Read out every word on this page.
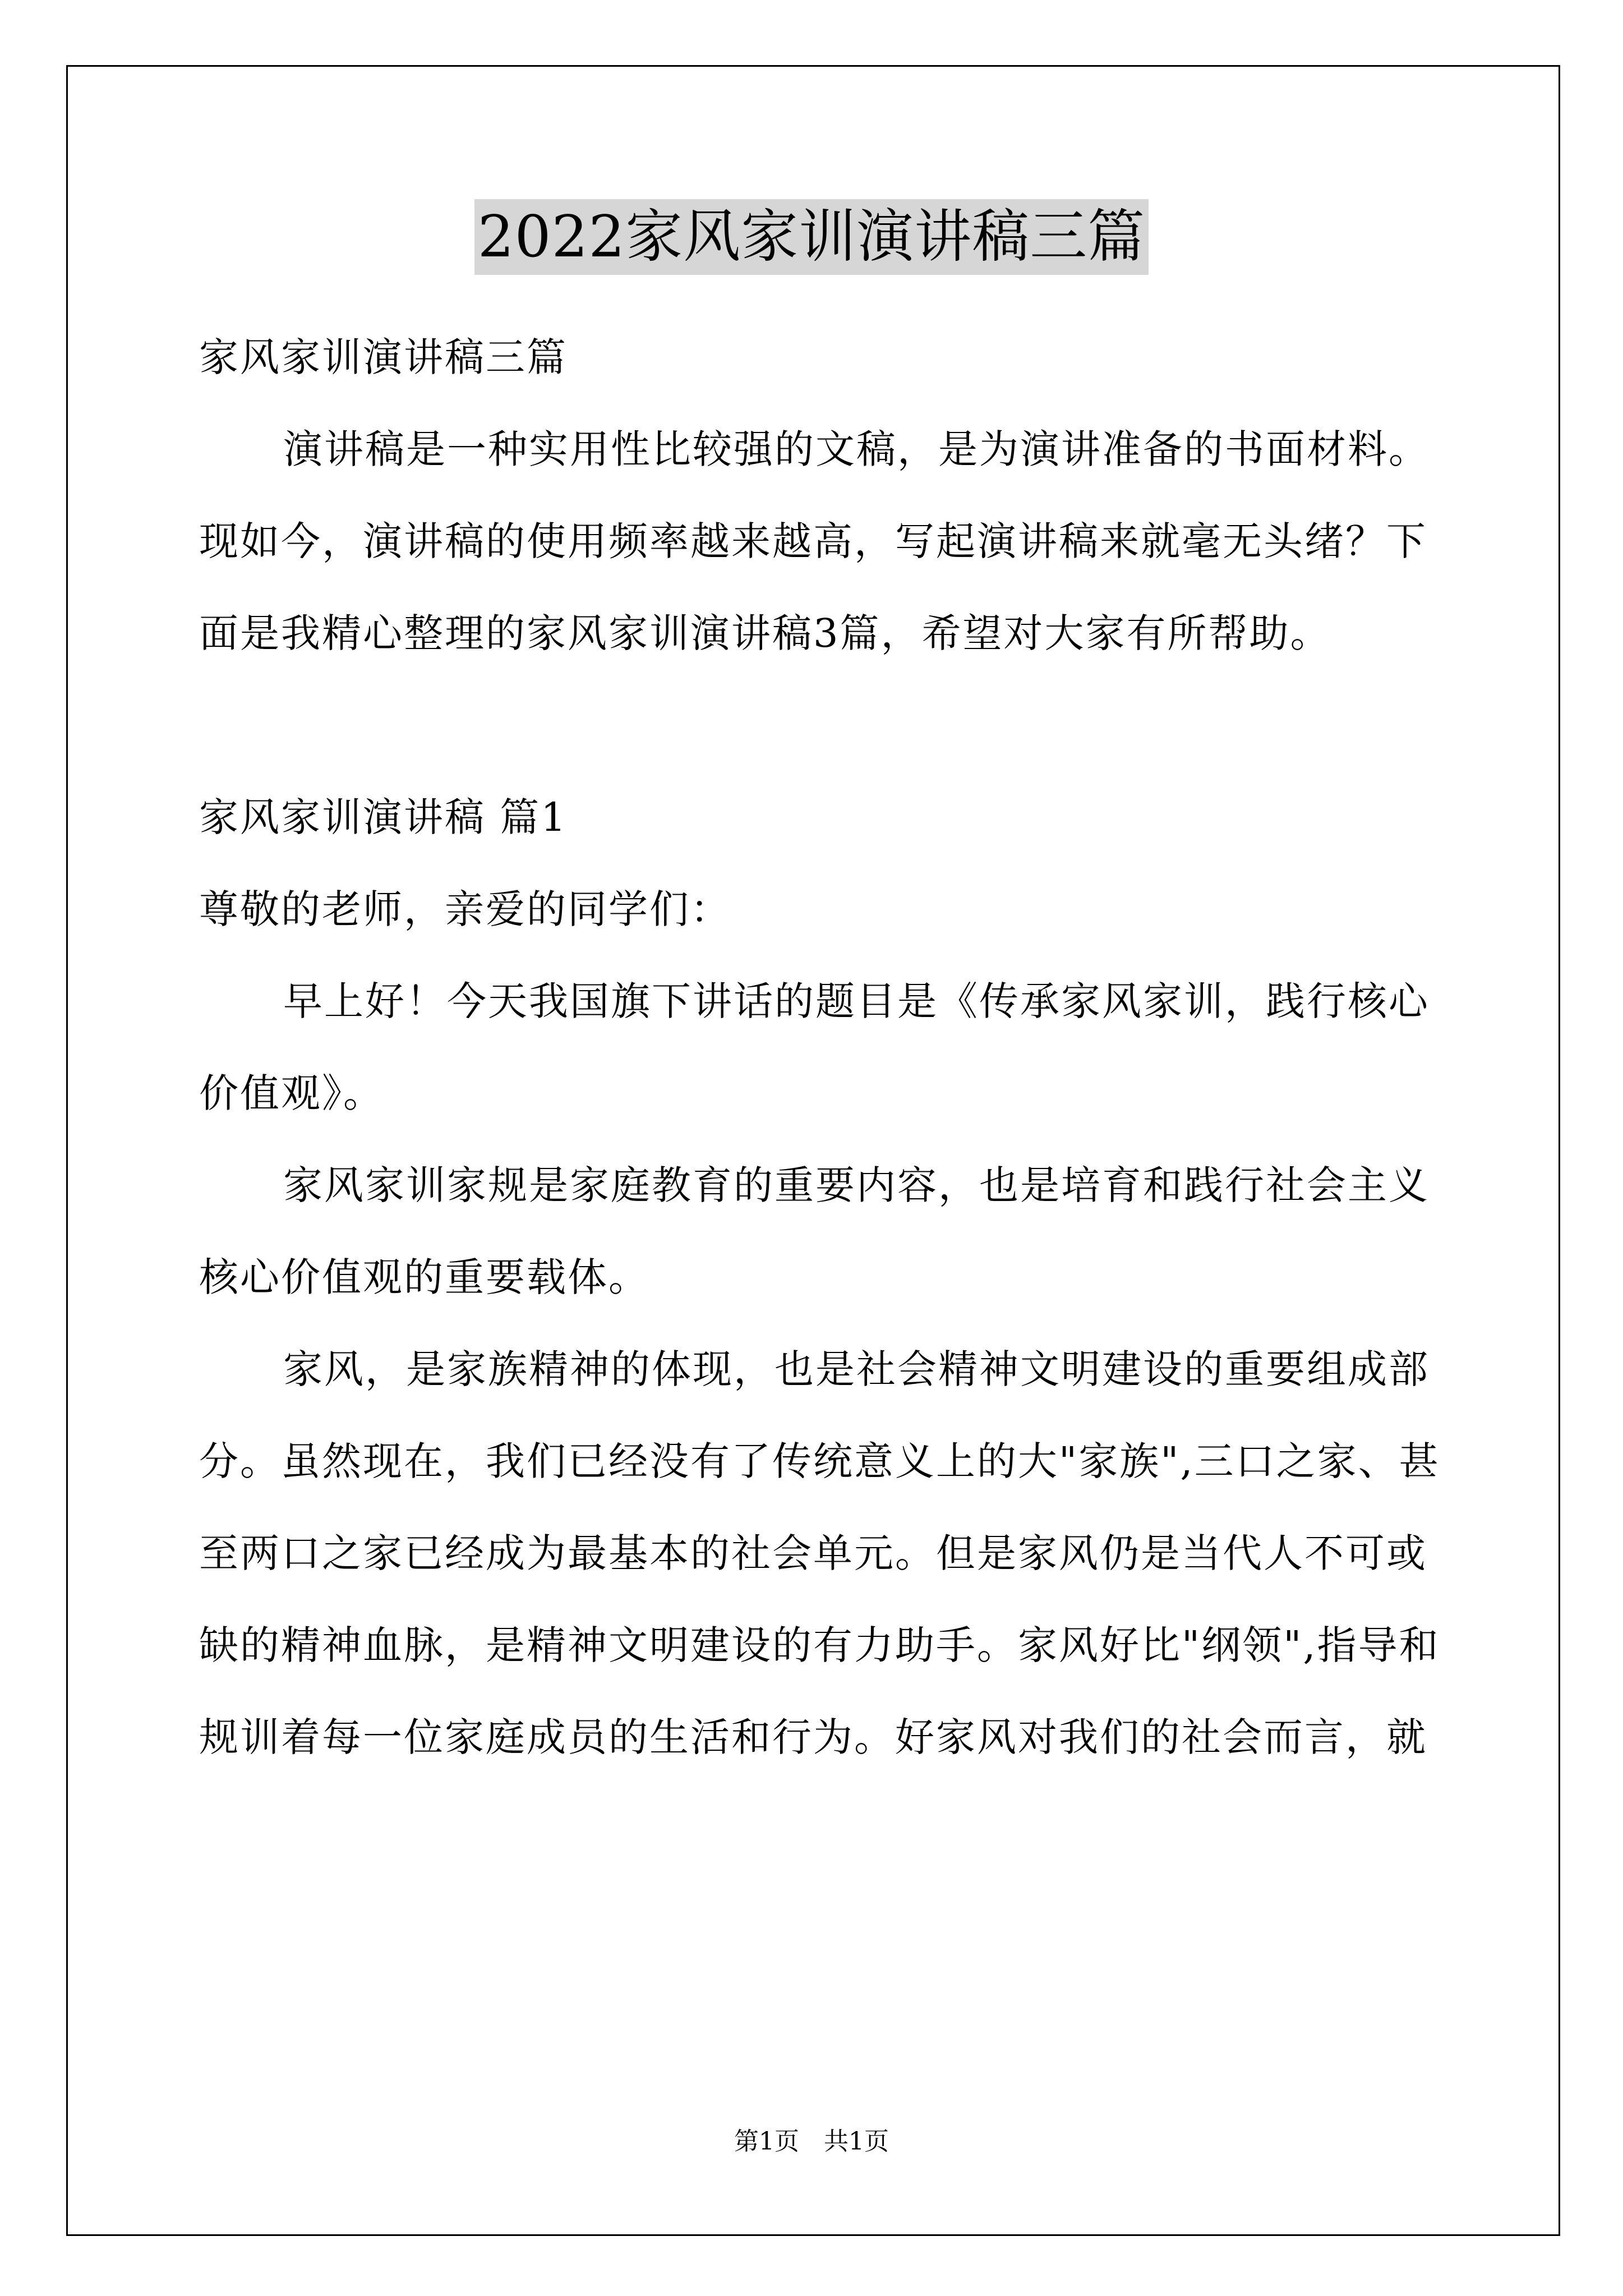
2022家风家训演讲稿三篇
家风家训演讲稿三篇
演讲稿是一种实用性比较强的文稿，是为演讲准备的书面材料。
现如今，演讲稿的使用频率越来越高，写起演讲稿来就毫无头绪？下
面是我精心整理的家风家训演讲稿3篇，希望对大家有所帮助。
家风家训演讲稿 篇1
尊敬的老师，亲爱的同学们：
早上好！今天我国旗下讲话的题目是《传承家风家训，践行核心
价值观》。
家风家训家规是家庭教育的重要内容，也是培育和践行社会主义
核心价值观的重要载体。
家风，是家族精神的体现，也是社会精神文明建设的重要组成部
分。虽然现在，我们已经没有了传统意义上的大"家族",三口之家、甚
至两口之家已经成为最基本的社会单元。但是家风仍是当代人不可或
缺的精神血脉，是精神文明建设的有力助手。家风好比"纲领",指导和
规训着每一位家庭成员的生活和行为。好家风对我们的社会而言，就
第1页　共1页
